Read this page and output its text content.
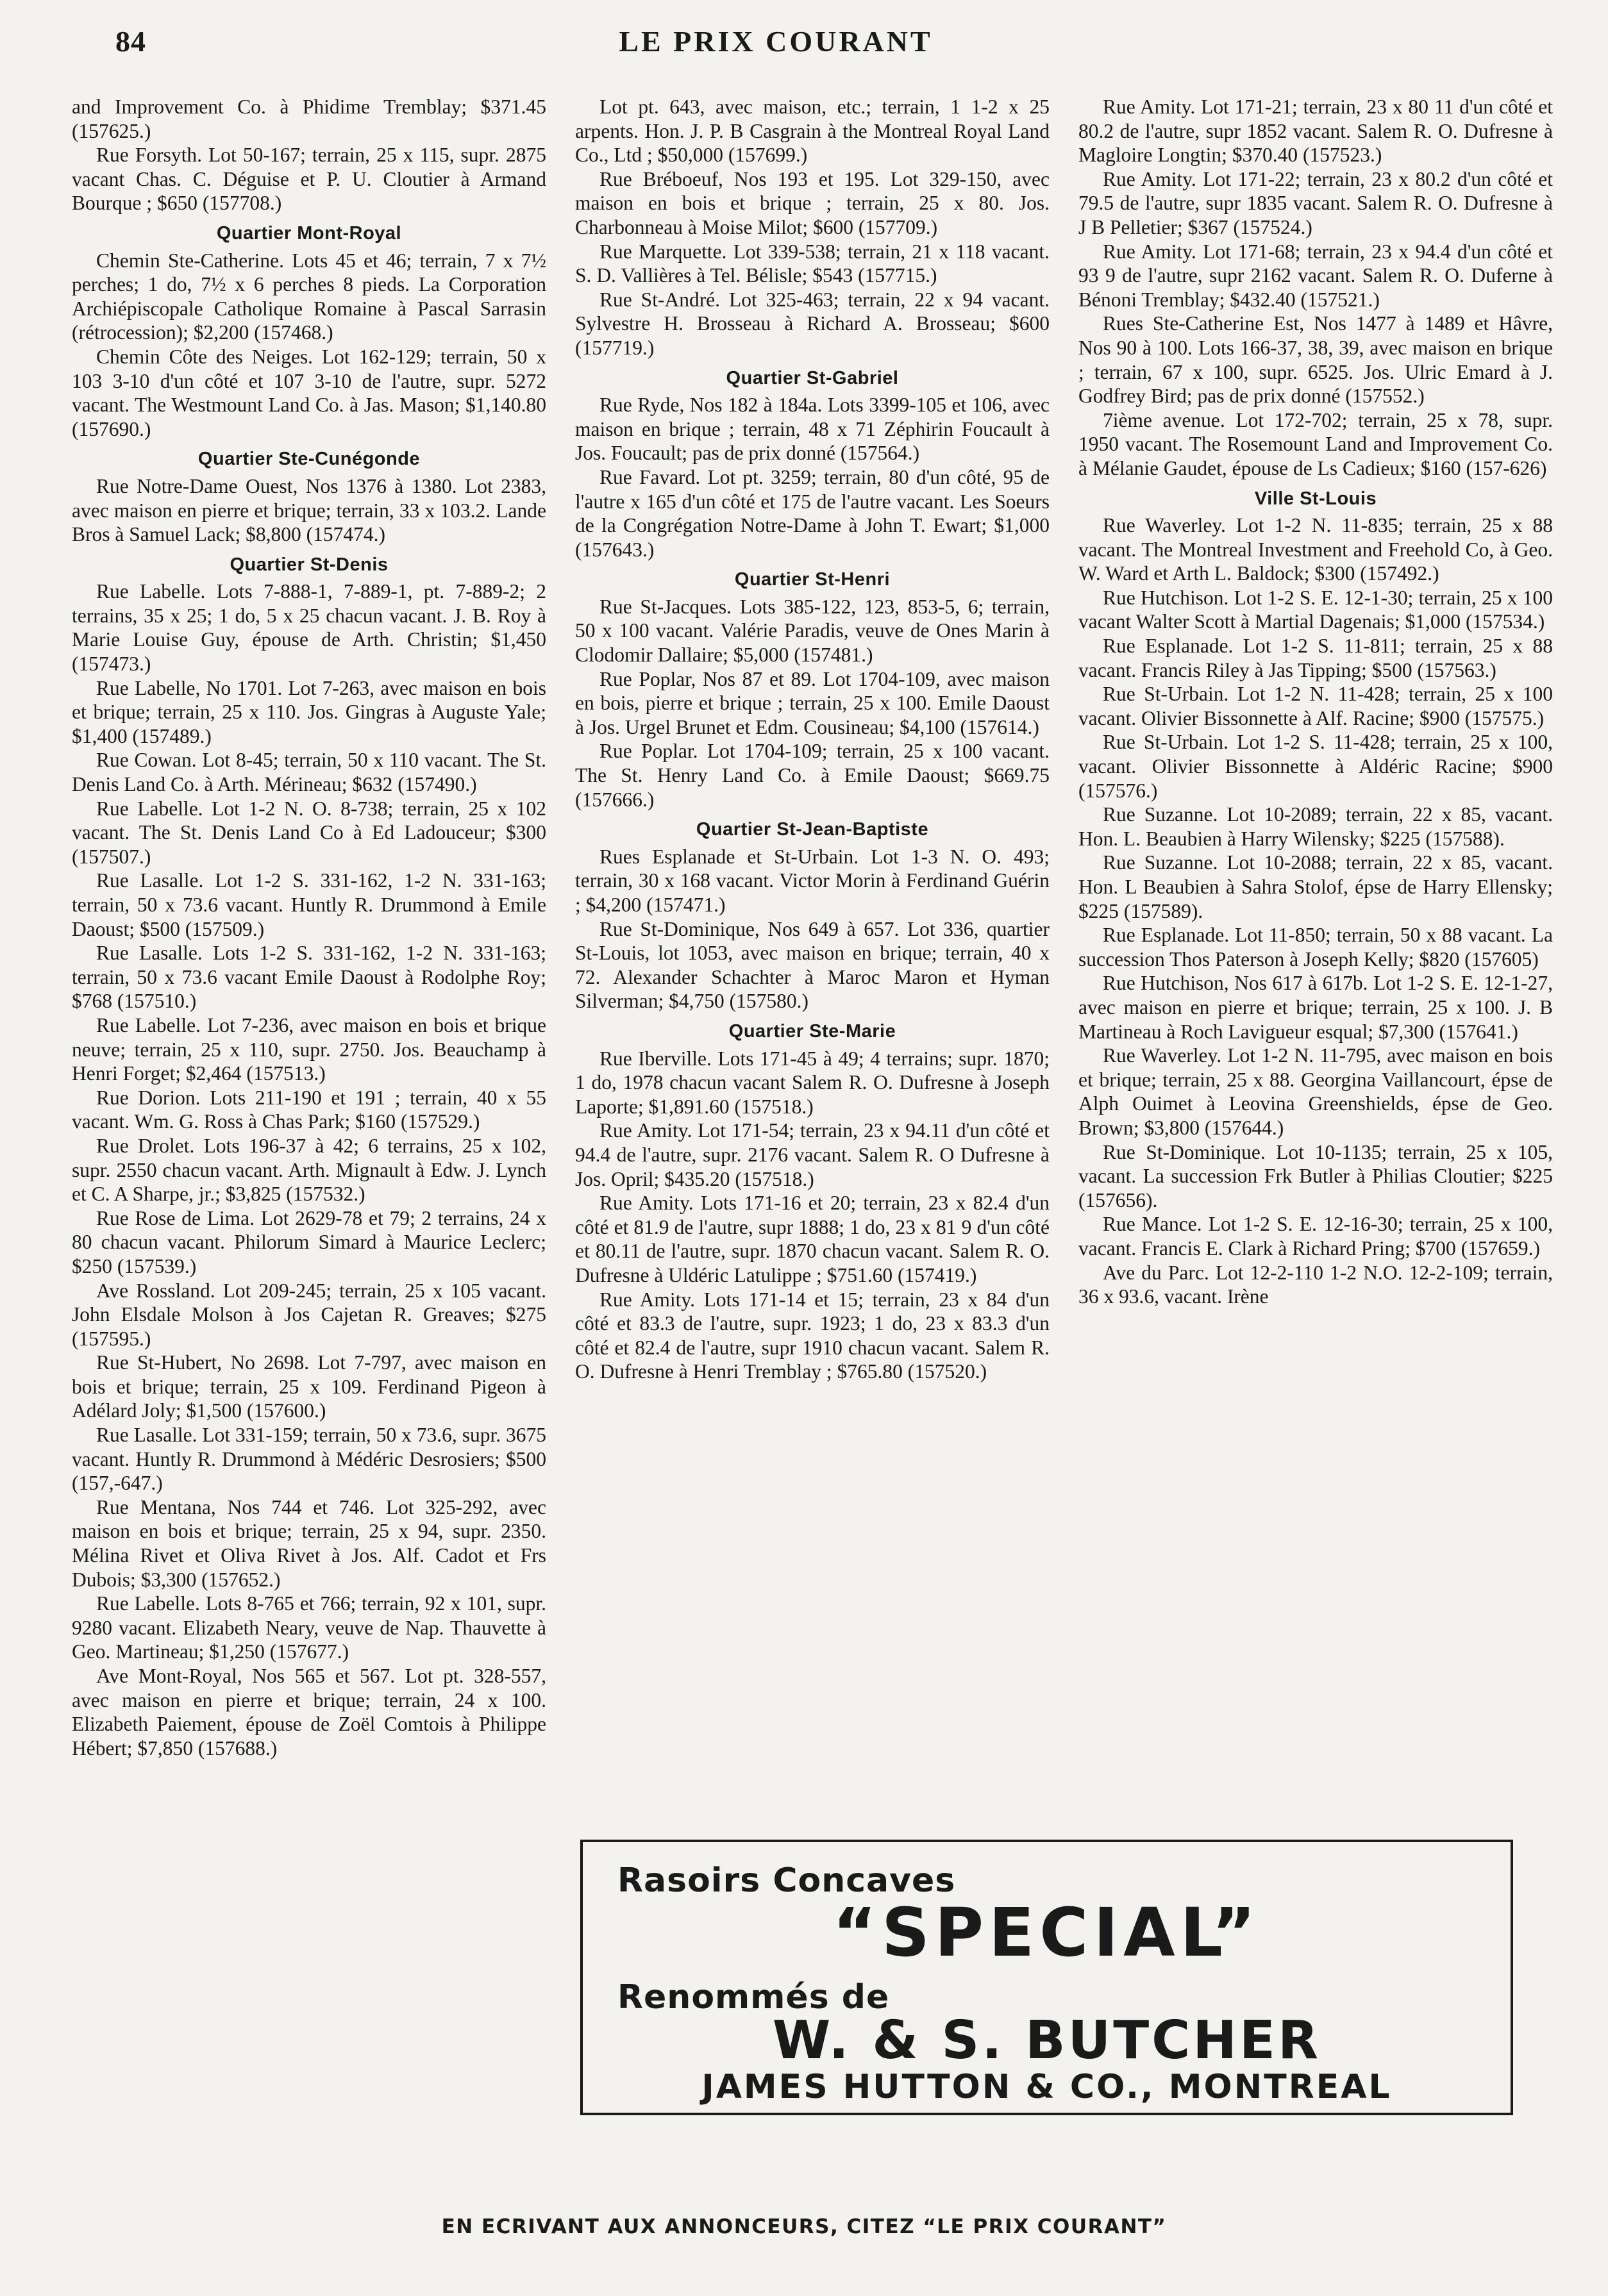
84	LE PRIX COURANT

and Improvement Co. à Phidime Tremblay; $371.45 (157625.)

Rue Forsyth. Lot 50-167; terrain, 25 x 115, supr. 2875 vacant Chas. C. Déguise et P. U. Cloutier à Armand Bourque ; $650 (157708.)

Quartier Mont-Royal

Chemin Ste-Catherine. Lots 45 et 46; terrain, 7 x 7½ perches; 1 do, 7½ x 6 perches 8 pieds. La Corporation Archiépiscopale Catholique Romaine à Pascal Sarrasin (rétrocession); $2,200 (157468.)

Chemin Côte des Neiges. Lot 162-129; terrain, 50 x 103 3-10 d'un côté et 107 3-10 de l'autre, supr. 5272 vacant. The Westmount Land Co. à Jas. Mason; $1,140.80 (157690.)

Quartier Ste-Cunégonde

Rue Notre-Dame Ouest, Nos 1376 à 1380. Lot 2383, avec maison en pierre et brique; terrain, 33 x 103.2. Lande Bros à Samuel Lack; $8,800 (157474.)

Quartier St-Denis

Rue Labelle. Lots 7-888-1, 7-889-1, pt. 7-889-2; 2 terrains, 35 x 25; 1 do, 5 x 25 chacun vacant. J. B. Roy à Marie Louise Guy, épouse de Arth. Christin; $1,450 (157473.)

Rue Labelle, No 1701. Lot 7-263, avec maison en bois et brique; terrain, 25 x 110. Jos. Gingras à Auguste Yale; $1,400 (157489.)

Rue Cowan. Lot 8-45; terrain, 50 x 110 vacant. The St. Denis Land Co. à Arth. Mérineau; $632 (157490.)

Rue Labelle. Lot 1-2 N. O. 8-738; terrain, 25 x 102 vacant. The St. Denis Land Co à Ed Ladouceur; $300 (157507.)

Rue Lasalle. Lot 1-2 S. 331-162, 1-2 N. 331-163; terrain, 50 x 73.6 vacant. Huntly R. Drummond à Emile Daoust; $500 (157509.)

Rue Lasalle. Lots 1-2 S. 331-162, 1-2 N. 331-163; terrain, 50 x 73.6 vacant Emile Daoust à Rodolphe Roy; $768 (157510.)

Rue Labelle. Lot 7-236, avec maison en bois et brique neuve; terrain, 25 x 110, supr. 2750. Jos. Beauchamp à Henri Forget; $2,464 (157513.)

Rue Dorion. Lots 211-190 et 191 ; terrain, 40 x 55 vacant. Wm. G. Ross à Chas Park; $160 (157529.)

Rue Drolet. Lots 196-37 à 42; 6 terrains, 25 x 102, supr. 2550 chacun vacant. Arth. Mignault à Edw. J. Lynch et C. A Sharpe, jr.; $3,825 (157532.)

Rue Rose de Lima. Lot 2629-78 et 79; 2 terrains, 24 x 80 chacun vacant. Philorum Simard à Maurice Leclerc; $250 (157539.)

Ave Rossland. Lot 209-245; terrain, 25 x 105 vacant. John Elsdale Molson à Jos Cajetan R. Greaves; $275 (157595.)

Rue St-Hubert, No 2698. Lot 7-797, avec maison en bois et brique; terrain, 25 x 109. Ferdinand Pigeon à Adélard Joly; $1,500 (157600.)

Rue Lasalle. Lot 331-159; terrain, 50 x 73.6, supr. 3675 vacant. Huntly R. Drummond à Médéric Desrosiers; $500 (157,-647.)

Rue Mentana, Nos 744 et 746. Lot 325-292, avec maison en bois et brique; terrain, 25 x 94, supr. 2350. Mélina Rivet et Oliva Rivet à Jos. Alf. Cadot et Frs Dubois; $3,300 (157652.)

Rue Labelle. Lots 8-765 et 766; terrain, 92 x 101, supr. 9280 vacant. Elizabeth Neary, veuve de Nap. Thauvette à Geo. Martineau; $1,250 (157677.)

Ave Mont-Royal, Nos 565 et 567. Lot pt. 328-557, avec maison en pierre et brique; terrain, 24 x 100. Elizabeth Paiement, épouse de Zoël Comtois à Philippe Hébert; $7,850 (157688.)

Lot pt. 643, avec maison, etc.; terrain, 1 1-2 x 25 arpents. Hon. J. P. B Casgrain à the Montreal Royal Land Co., Ltd ; $50,000 (157699.)

Rue Bréboeuf, Nos 193 et 195. Lot 329-150, avec maison en bois et brique ; terrain, 25 x 80. Jos. Charbonneau à Moise Milot; $600 (157709.)

Rue Marquette. Lot 339-538; terrain, 21 x 118 vacant. S. D. Vallières à Tel. Bélisle; $543 (157715.)

Rue St-André. Lot 325-463; terrain, 22 x 94 vacant. Sylvestre H. Brosseau à Richard A. Brosseau; $600 (157719.)

Quartier St-Gabriel

Rue Ryde, Nos 182 à 184a. Lots 3399-105 et 106, avec maison en brique ; terrain, 48 x 71 Zéphirin Foucault à Jos. Foucault; pas de prix donné (157564.)

Rue Favard. Lot pt. 3259; terrain, 80 d'un côté, 95 de l'autre x 165 d'un côté et 175 de l'autre vacant. Les Soeurs de la Congrégation Notre-Dame à John T. Ewart; $1,000 (157643.)

Quartier St-Henri

Rue St-Jacques. Lots 385-122, 123, 853-5, 6; terrain, 50 x 100 vacant. Valérie Paradis, veuve de Ones Marin à Clodomir Dallaire; $5,000 (157481.)

Rue Poplar, Nos 87 et 89. Lot 1704-109, avec maison en bois, pierre et brique ; terrain, 25 x 100. Emile Daoust à Jos. Urgel Brunet et Edm. Cousineau; $4,100 (157614.)

Rue Poplar. Lot 1704-109; terrain, 25 x 100 vacant. The St. Henry Land Co. à Emile Daoust; $669.75 (157666.)

Quartier St-Jean-Baptiste

Rues Esplanade et St-Urbain. Lot 1-3 N. O. 493; terrain, 30 x 168 vacant. Victor Morin à Ferdinand Guérin ; $4,200 (157471.)

Rue St-Dominique, Nos 649 à 657. Lot 336, quartier St-Louis, lot 1053, avec maison en brique; terrain, 40 x 72. Alexander Schachter à Maroc Maron et Hyman Silverman; $4,750 (157580.)

Quartier Ste-Marie

Rue Iberville. Lots 171-45 à 49; 4 terrains; supr. 1870; 1 do, 1978 chacun vacant Salem R. O. Dufresne à Joseph Laporte; $1,891.60 (157518.)

Rue Amity. Lot 171-54; terrain, 23 x 94.11 d'un côté et 94.4 de l'autre, supr. 2176 vacant. Salem R. O Dufresne à Jos. Opril; $435.20 (157518.)

Rue Amity. Lots 171-16 et 20; terrain, 23 x 82.4 d'un côté et 81.9 de l'autre, supr 1888; 1 do, 23 x 81 9 d'un côté et 80.11 de l'autre, supr. 1870 chacun vacant. Salem R. O. Dufresne à Uldéric Latulippe ; $751.60 (157419.)

Rue Amity. Lots 171-14 et 15; terrain, 23 x 84 d'un côté et 83.3 de l'autre, supr. 1923; 1 do, 23 x 83.3 d'un côté et 82.4 de l'autre, supr 1910 chacun vacant. Salem R. O. Dufresne à Henri Tremblay ; $765.80 (157520.)

Rue Amity. Lot 171-21; terrain, 23 x 80 11 d'un côté et 80.2 de l'autre, supr 1852 vacant. Salem R. O. Dufresne à Magloire Longtin; $370.40 (157523.)

Rue Amity. Lot 171-22; terrain, 23 x 80.2 d'un côté et 79.5 de l'autre, supr 1835 vacant. Salem R. O. Dufresne à J B Pelletier; $367 (157524.)

Rue Amity. Lot 171-68; terrain, 23 x 94.4 d'un côté et 93 9 de l'autre, supr 2162 vacant. Salem R. O. Duferne à Bénoni Tremblay; $432.40 (157521.)

Rues Ste-Catherine Est, Nos 1477 à 1489 et Hâvre, Nos 90 à 100. Lots 166-37, 38, 39, avec maison en brique ; terrain, 67 x 100, supr. 6525. Jos. Ulric Emard à J. Godfrey Bird; pas de prix donné (157552.)

7ième avenue. Lot 172-702; terrain, 25 x 78, supr. 1950 vacant. The Rosemount Land and Improvement Co. à Mélanie Gaudet, épouse de Ls Cadieux; $160 (157-626)

Ville St-Louis

Rue Waverley. Lot 1-2 N. 11-835; terrain, 25 x 88 vacant. The Montreal Investment and Freehold Co, à Geo. W. Ward et Arth L. Baldock; $300 (157492.)

Rue Hutchison. Lot 1-2 S. E. 12-1-30; terrain, 25 x 100 vacant Walter Scott à Martial Dagenais; $1,000 (157534.)

Rue Esplanade. Lot 1-2 S. 11-811; terrain, 25 x 88 vacant. Francis Riley à Jas Tipping; $500 (157563.)

Rue St-Urbain. Lot 1-2 N. 11-428; terrain, 25 x 100 vacant. Olivier Bissonnette à Alf. Racine; $900 (157575.)

Rue St-Urbain. Lot 1-2 S. 11-428; terrain, 25 x 100, vacant. Olivier Bissonnette à Aldéric Racine; $900 (157576.)

Rue Suzanne. Lot 10-2089; terrain, 22 x 85, vacant. Hon. L. Beaubien à Harry Wilensky; $225 (157588).

Rue Suzanne. Lot 10-2088; terrain, 22 x 85, vacant. Hon. L Beaubien à Sahra Stolof, épse de Harry Ellensky; $225 (157589).

Rue Esplanade. Lot 11-850; terrain, 50 x 88 vacant. La succession Thos Paterson à Joseph Kelly; $820 (157605)

Rue Hutchison, Nos 617 à 617b. Lot 1-2 S. E. 12-1-27, avec maison en pierre et brique; terrain, 25 x 100. J. B Martineau à Roch Lavigueur esqual; $7,300 (157641.)

Rue Waverley. Lot 1-2 N. 11-795, avec maison en bois et brique; terrain, 25 x 88. Georgina Vaillancourt, épse de Alph Ouimet à Leovina Greenshields, épse de Geo. Brown; $3,800 (157644.)

Rue St-Dominique. Lot 10-1135; terrain, 25 x 105, vacant. La succession Frk Butler à Philias Cloutier; $225 (157656).

Rue Mance. Lot 1-2 S. E. 12-16-30; terrain, 25 x 100, vacant. Francis E. Clark à Richard Pring; $700 (157659.)

Ave du Parc. Lot 12-2-110 1-2 N.O. 12-2-109; terrain, 36 x 93.6, vacant. Irène

Rasoirs Concaves
“SPECIAL”
Renommés de
W. & S. BUTCHER
JAMES HUTTON & CO., MONTREAL
EN ECRIVANT AUX ANNONCEURS, CITEZ “LE PRIX COURANT”
